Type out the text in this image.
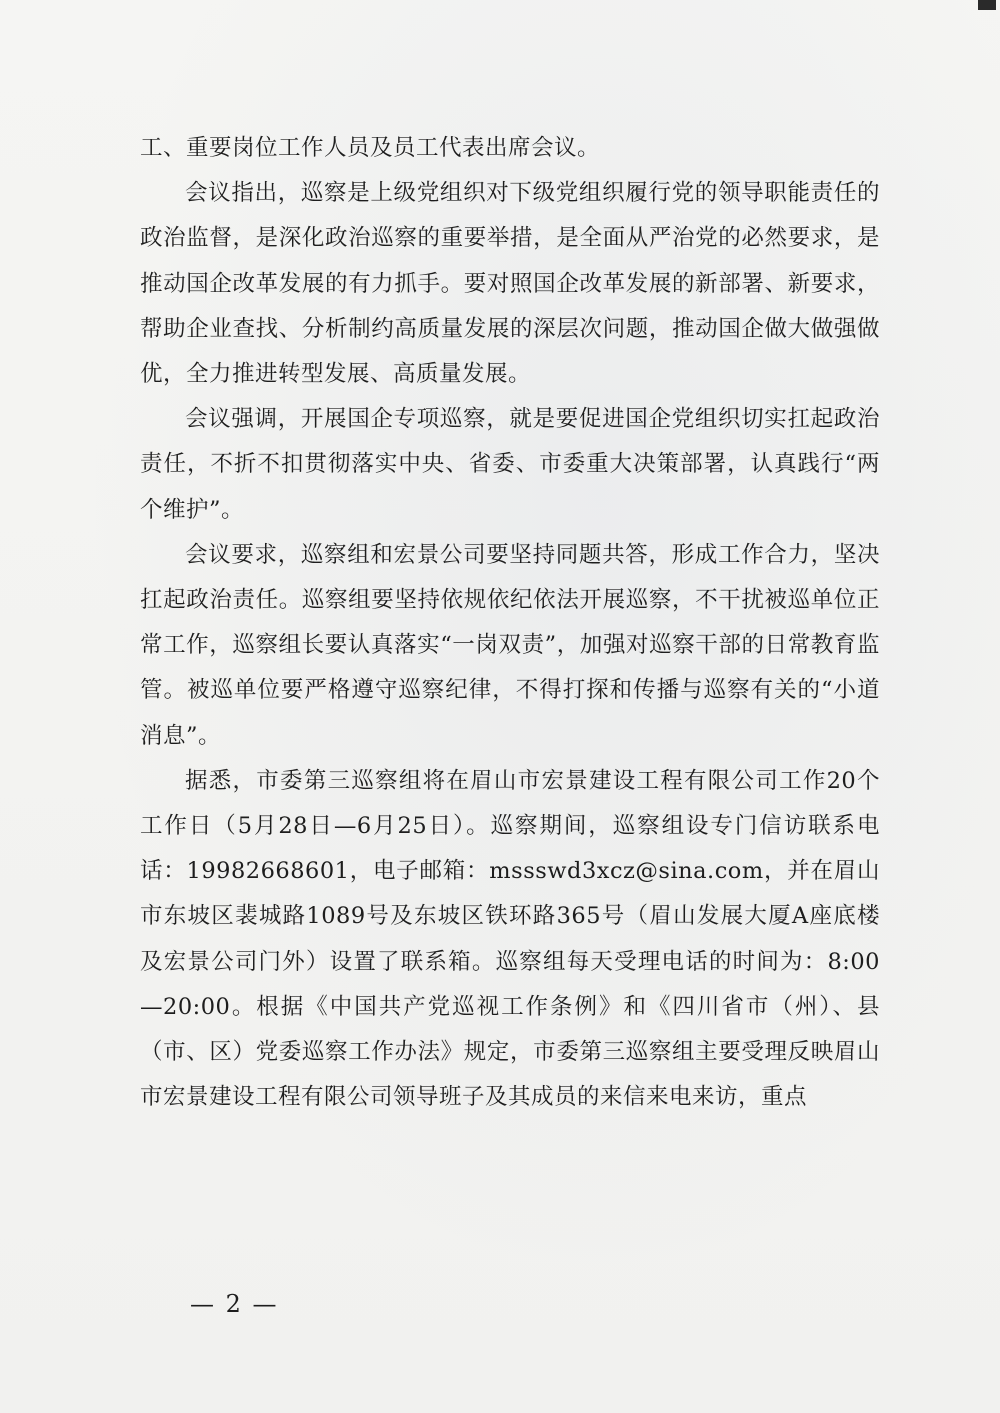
工、重要岗位工作人员及员工代表出席会议。

会议指出，巡察是上级党组织对下级党组织履行党的领导职能责任的政治监督，是深化政治巡察的重要举措，是全面从严治党的必然要求，是推动国企改革发展的有力抓手。要对照国企改革发展的新部署、新要求，帮助企业查找、分析制约高质量发展的深层次问题，推动国企做大做强做优，全力推进转型发展、高质量发展。

会议强调，开展国企专项巡察，就是要促进国企党组织切实扛起政治责任，不折不扣贯彻落实中央、省委、市委重大决策部署，认真践行“两个维护”。

会议要求，巡察组和宏景公司要坚持同题共答，形成工作合力，坚决扛起政治责任。巡察组要坚持依规依纪依法开展巡察，不干扰被巡单位正常工作，巡察组长要认真落实“一岗双责”，加强对巡察干部的日常教育监管。被巡单位要严格遵守巡察纪律，不得打探和传播与巡察有关的“小道消息”。

据悉，市委第三巡察组将在眉山市宏景建设工程有限公司工作20个工作日（5月28日—6月25日）。巡察期间，巡察组设专门信访联系电话：19982668601，电子邮箱：mssswd3xcz@sina.com，并在眉山市东坡区裴城路1089号及东坡区铁环路365号（眉山发展大厦A座底楼及宏景公司门外）设置了联系箱。巡察组每天受理电话的时间为：8:00—20:00。根据《中国共产党巡视工作条例》和《四川省市（州）、县（市、区）党委巡察工作办法》规定，市委第三巡察组主要受理反映眉山市宏景建设工程有限公司领导班子及其成员的来信来电来访，重点

— 2 —
